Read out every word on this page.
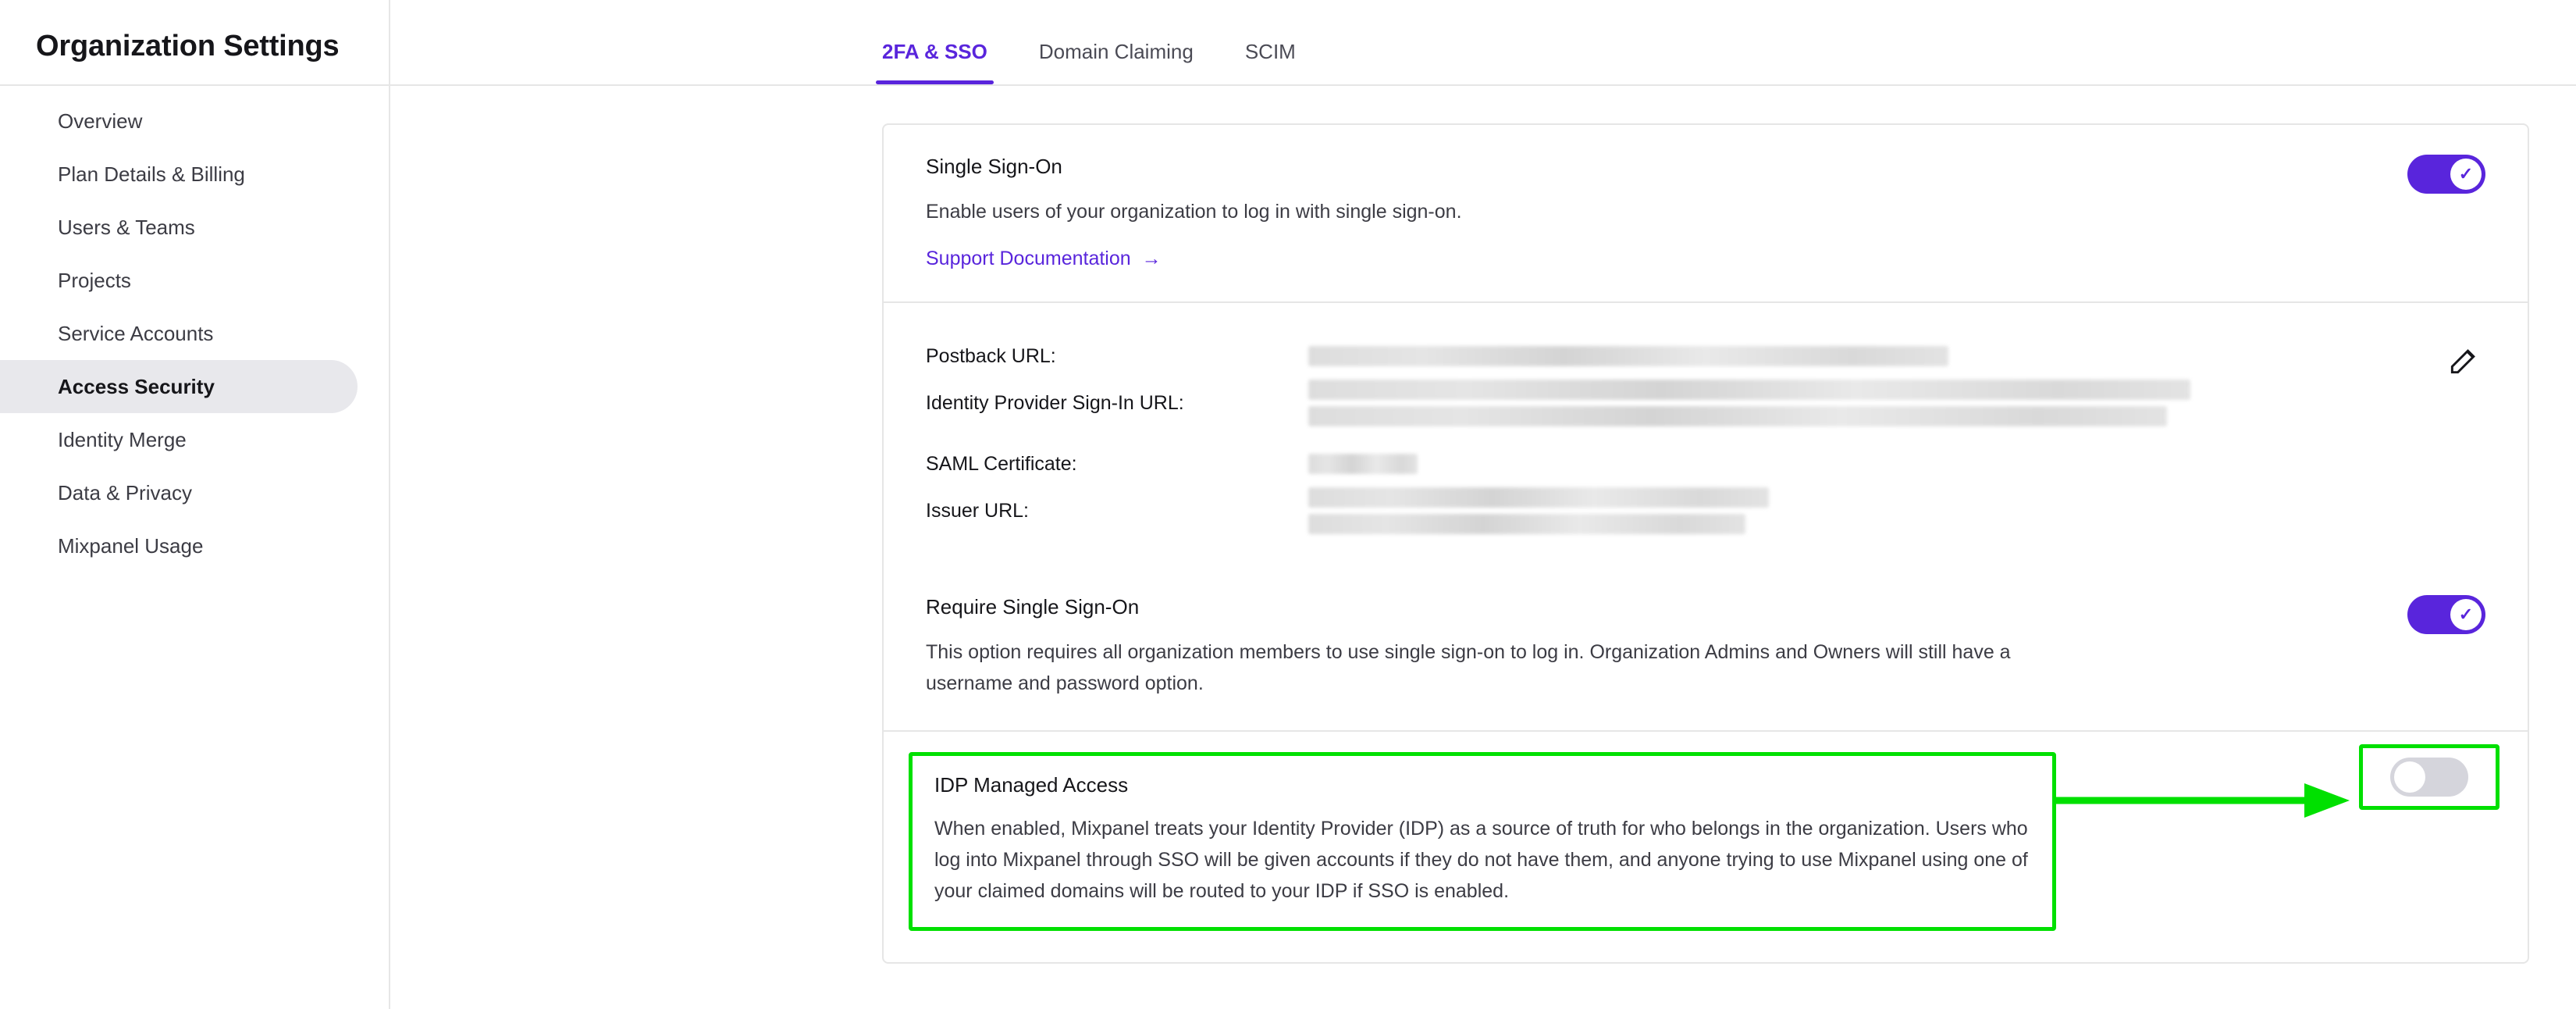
Organization Settings
Overview
Plan Details & Billing
Users & Teams
Projects
Service Accounts
Access Security
Identity Merge
Data & Privacy
Mixpanel Usage
2FA & SSO	Domain Claiming	SCIM
Single Sign-On
Enable users of your organization to log in with single sign-on.
Support Documentation →
✓
Postback URL:
Identity Provider Sign-In URL:
SAML Certificate:
Issuer URL:
Require Single Sign-On
This option requires all organization members to use single sign-on to log in. Organization Admins and Owners will still have a username and password option.
✓
IDP Managed Access
When enabled, Mixpanel treats your Identity Provider (IDP) as a source of truth for who belongs in the organization. Users who log into Mixpanel through SSO will be given accounts if they do not have them, and anyone trying to use Mixpanel using one of your claimed domains will be routed to your IDP if SSO is enabled.
